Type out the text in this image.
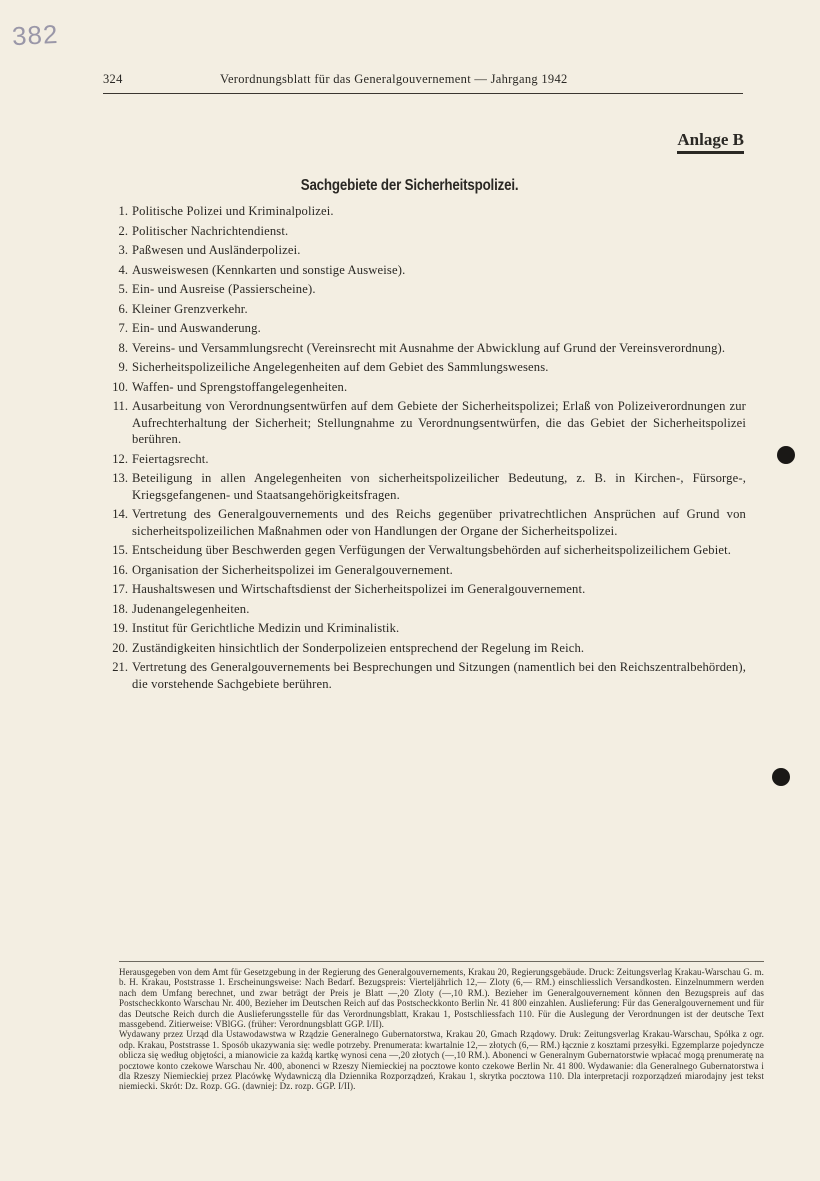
382
324	Verordnungsblatt für das Generalgouvernement — Jahrgang 1942
Anlage B
Sachgebiete der Sicherheitspolizei.
1. Politische Polizei und Kriminalpolizei.
2. Politischer Nachrichtendienst.
3. Paßwesen und Ausländerpolizei.
4. Ausweiswesen (Kennkarten und sonstige Ausweise).
5. Ein- und Ausreise (Passierscheine).
6. Kleiner Grenzverkehr.
7. Ein- und Auswanderung.
8. Vereins- und Versammlungsrecht (Vereinsrecht mit Ausnahme der Abwicklung auf Grund der Vereinsverordnung).
9. Sicherheitspolizeiliche Angelegenheiten auf dem Gebiet des Sammlungswesens.
10. Waffen- und Sprengstoffangelegenheiten.
11. Ausarbeitung von Verordnungsentwürfen auf dem Gebiete der Sicherheitspolizei; Erlaß von Polizeiverordnungen zur Aufrechterhaltung der Sicherheit; Stellungnahme zu Verordnungsentwürfen, die das Gebiet der Sicherheitspolizei berühren.
12. Feiertagsrecht.
13. Beteiligung in allen Angelegenheiten von sicherheitspolizeilicher Bedeutung, z. B. in Kirchen-, Fürsorge-, Kriegsgefangenen- und Staatsangehörigkeitsfragen.
14. Vertretung des Generalgouvernements und des Reichs gegenüber privatrechtlichen Ansprüchen auf Grund von sicherheitspolizeilichen Maßnahmen oder von Handlungen der Organe der Sicherheitspolizei.
15. Entscheidung über Beschwerden gegen Verfügungen der Verwaltungsbehörden auf sicherheitspolizeilichem Gebiet.
16. Organisation der Sicherheitspolizei im Generalgouvernement.
17. Haushaltswesen und Wirtschaftsdienst der Sicherheitspolizei im Generalgouvernement.
18. Judenangelegenheiten.
19. Institut für Gerichtliche Medizin und Kriminalistik.
20. Zuständigkeiten hinsichtlich der Sonderpolizeien entsprechend der Regelung im Reich.
21. Vertretung des Generalgouvernements bei Besprechungen und Sitzungen (namentlich bei den Reichszentralbehörden), die vorstehende Sachgebiete berühren.

Herausgegeben von dem Amt für Gesetzgebung in der Regierung des Generalgouvernements, Krakau 20, Regierungsgebäude. Druck: Zeitungsverlag Krakau-Warschau G. m. b. H. Krakau, Poststrasse 1. Erscheinungsweise: Nach Bedarf. Bezugspreis: Vierteljährlich 12,— Zloty (6,— RM.) einschliesslich Versandkosten. Einzelnummern werden nach dem Umfang berechnet, und zwar beträgt der Preis je Blatt —,20 Zloty (—,10 RM.). Bezieher im Generalgouvernement können den Bezugspreis auf das Postscheckkonto Warschau Nr. 400, Bezieher im Deutschen Reich auf das Postscheckkonto Berlin Nr. 41 800 einzahlen. Auslieferung: Für das Generalgouvernement und für das Deutsche Reich durch die Auslieferungsstelle für das Verordnungsblatt, Krakau 1, Postschliessfach 110. Für die Auslegung der Verordnungen ist der deutsche Text massgebend. Zitierweise: VBlGG. (früher: Verordnungsblatt GGP. I/II).

Wydawany przez Urząd dla Ustawodawstwa w Rządzie Generalnego Gubernatorstwa, Krakau 20, Gmach Rządowy. Druk: Zeitungsverlag Krakau-Warschau, Spółka z ogr. odp. Krakau, Poststrasse 1. Sposób ukazywania się: wedle potrzeby. Prenumerata: kwartalnie 12,— złotych (6,— RM.) łącznie z kosztami przesyłki. Egzemplarze pojedyncze oblicza się według objętości, a mianowicie za każdą kartkę wynosi cena —,20 złotych (—,10 RM.). Abonenci w Generalnym Gubernatorstwie wpłacać mogą prenumeratę na pocztowe konto czekowe Warschau Nr. 400, abonenci w Rzeszy Niemieckiej na pocztowe konto czekowe Berlin Nr. 41 800. Wydawanie: dla Generalnego Gubernatorstwa i dla Rzeszy Niemieckiej przez Placówkę Wydawniczą dla Dziennika Rozporządzeń, Krakau 1, skrytka pocztowa 110. Dla interpretacji rozporządzeń miarodajny jest tekst niemiecki. Skrót: Dz. Rozp. GG. (dawniej: Dz. rozp. GGP. I/II).
